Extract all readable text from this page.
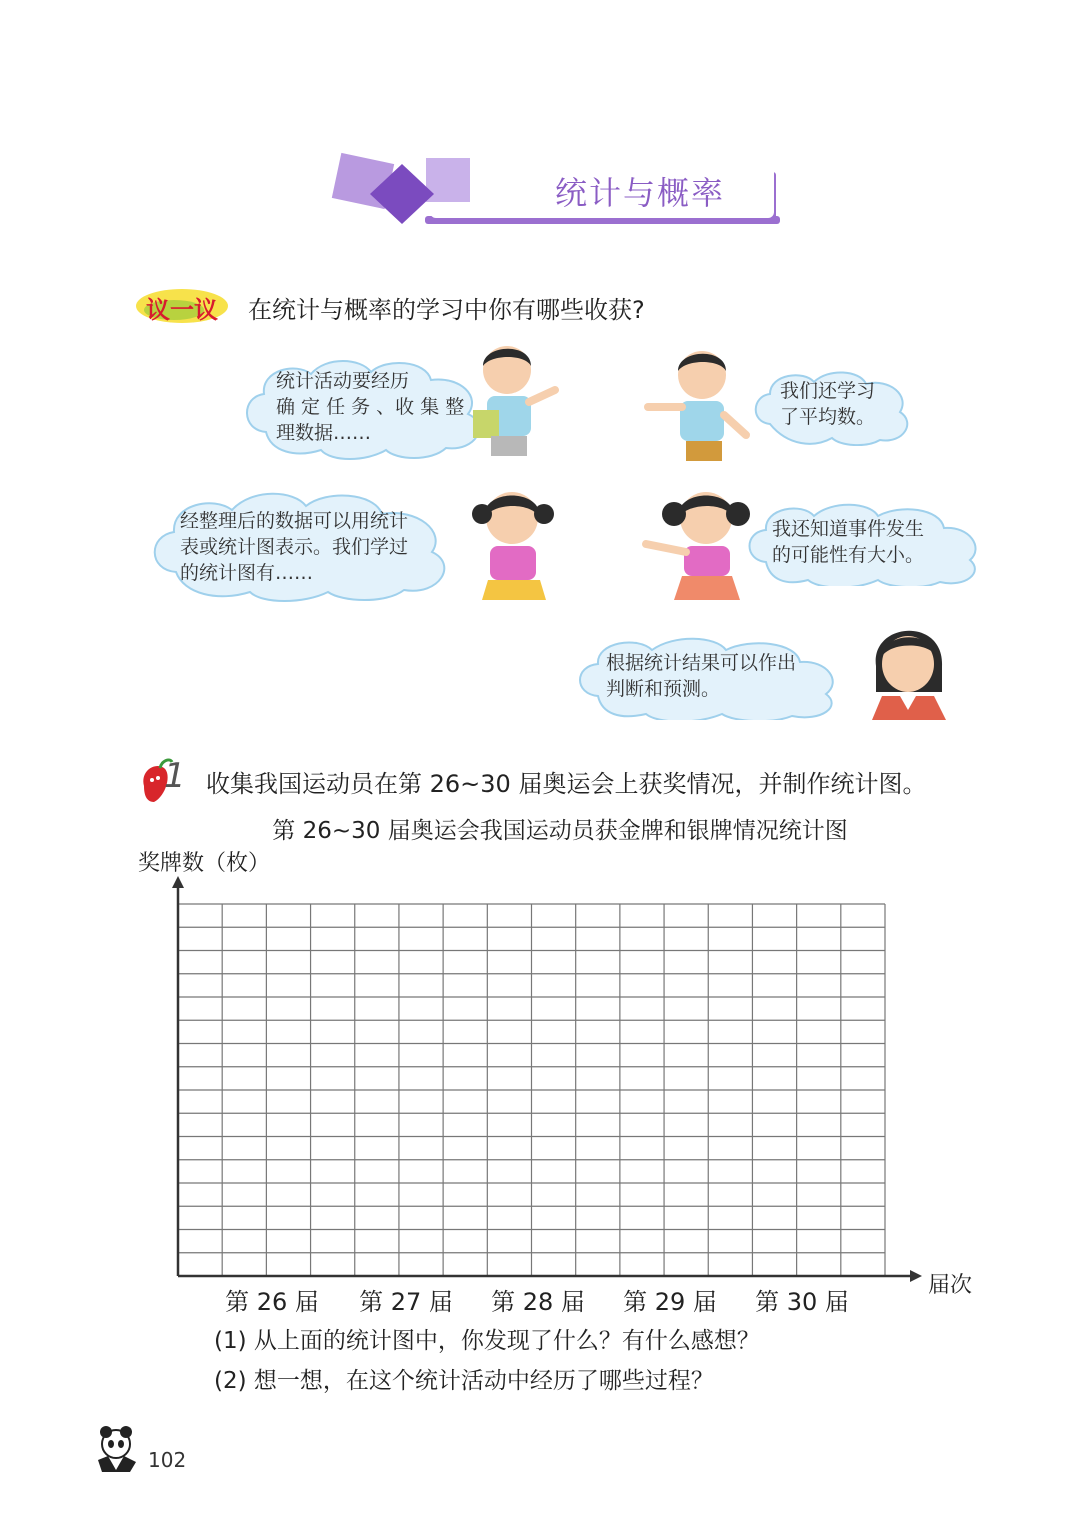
统计与概率
议一议	在统计与概率的学习中你有哪些收获?
统计活动要经历
确 定 任 务 、收 集 整
理数据……
我们还学习
了平均数。
经整理后的数据可以用统计
表或统计图表示。我们学过
的统计图有……
我还知道事件发生
的可能性有大小。
根据统计结果可以作出
判断和预测。
1 收集我国运动员在第 26~30 届奥运会上获奖情况，并制作统计图。
第 26~30 届奥运会我国运动员获金牌和银牌情况统计图
奖牌数（枚）
届次
第 26 届	第 27 届	第 28 届	第 29 届	第 30 届
(1) 从上面的统计图中，你发现了什么？有什么感想？
(2) 想一想，在这个统计活动中经历了哪些过程？
102
